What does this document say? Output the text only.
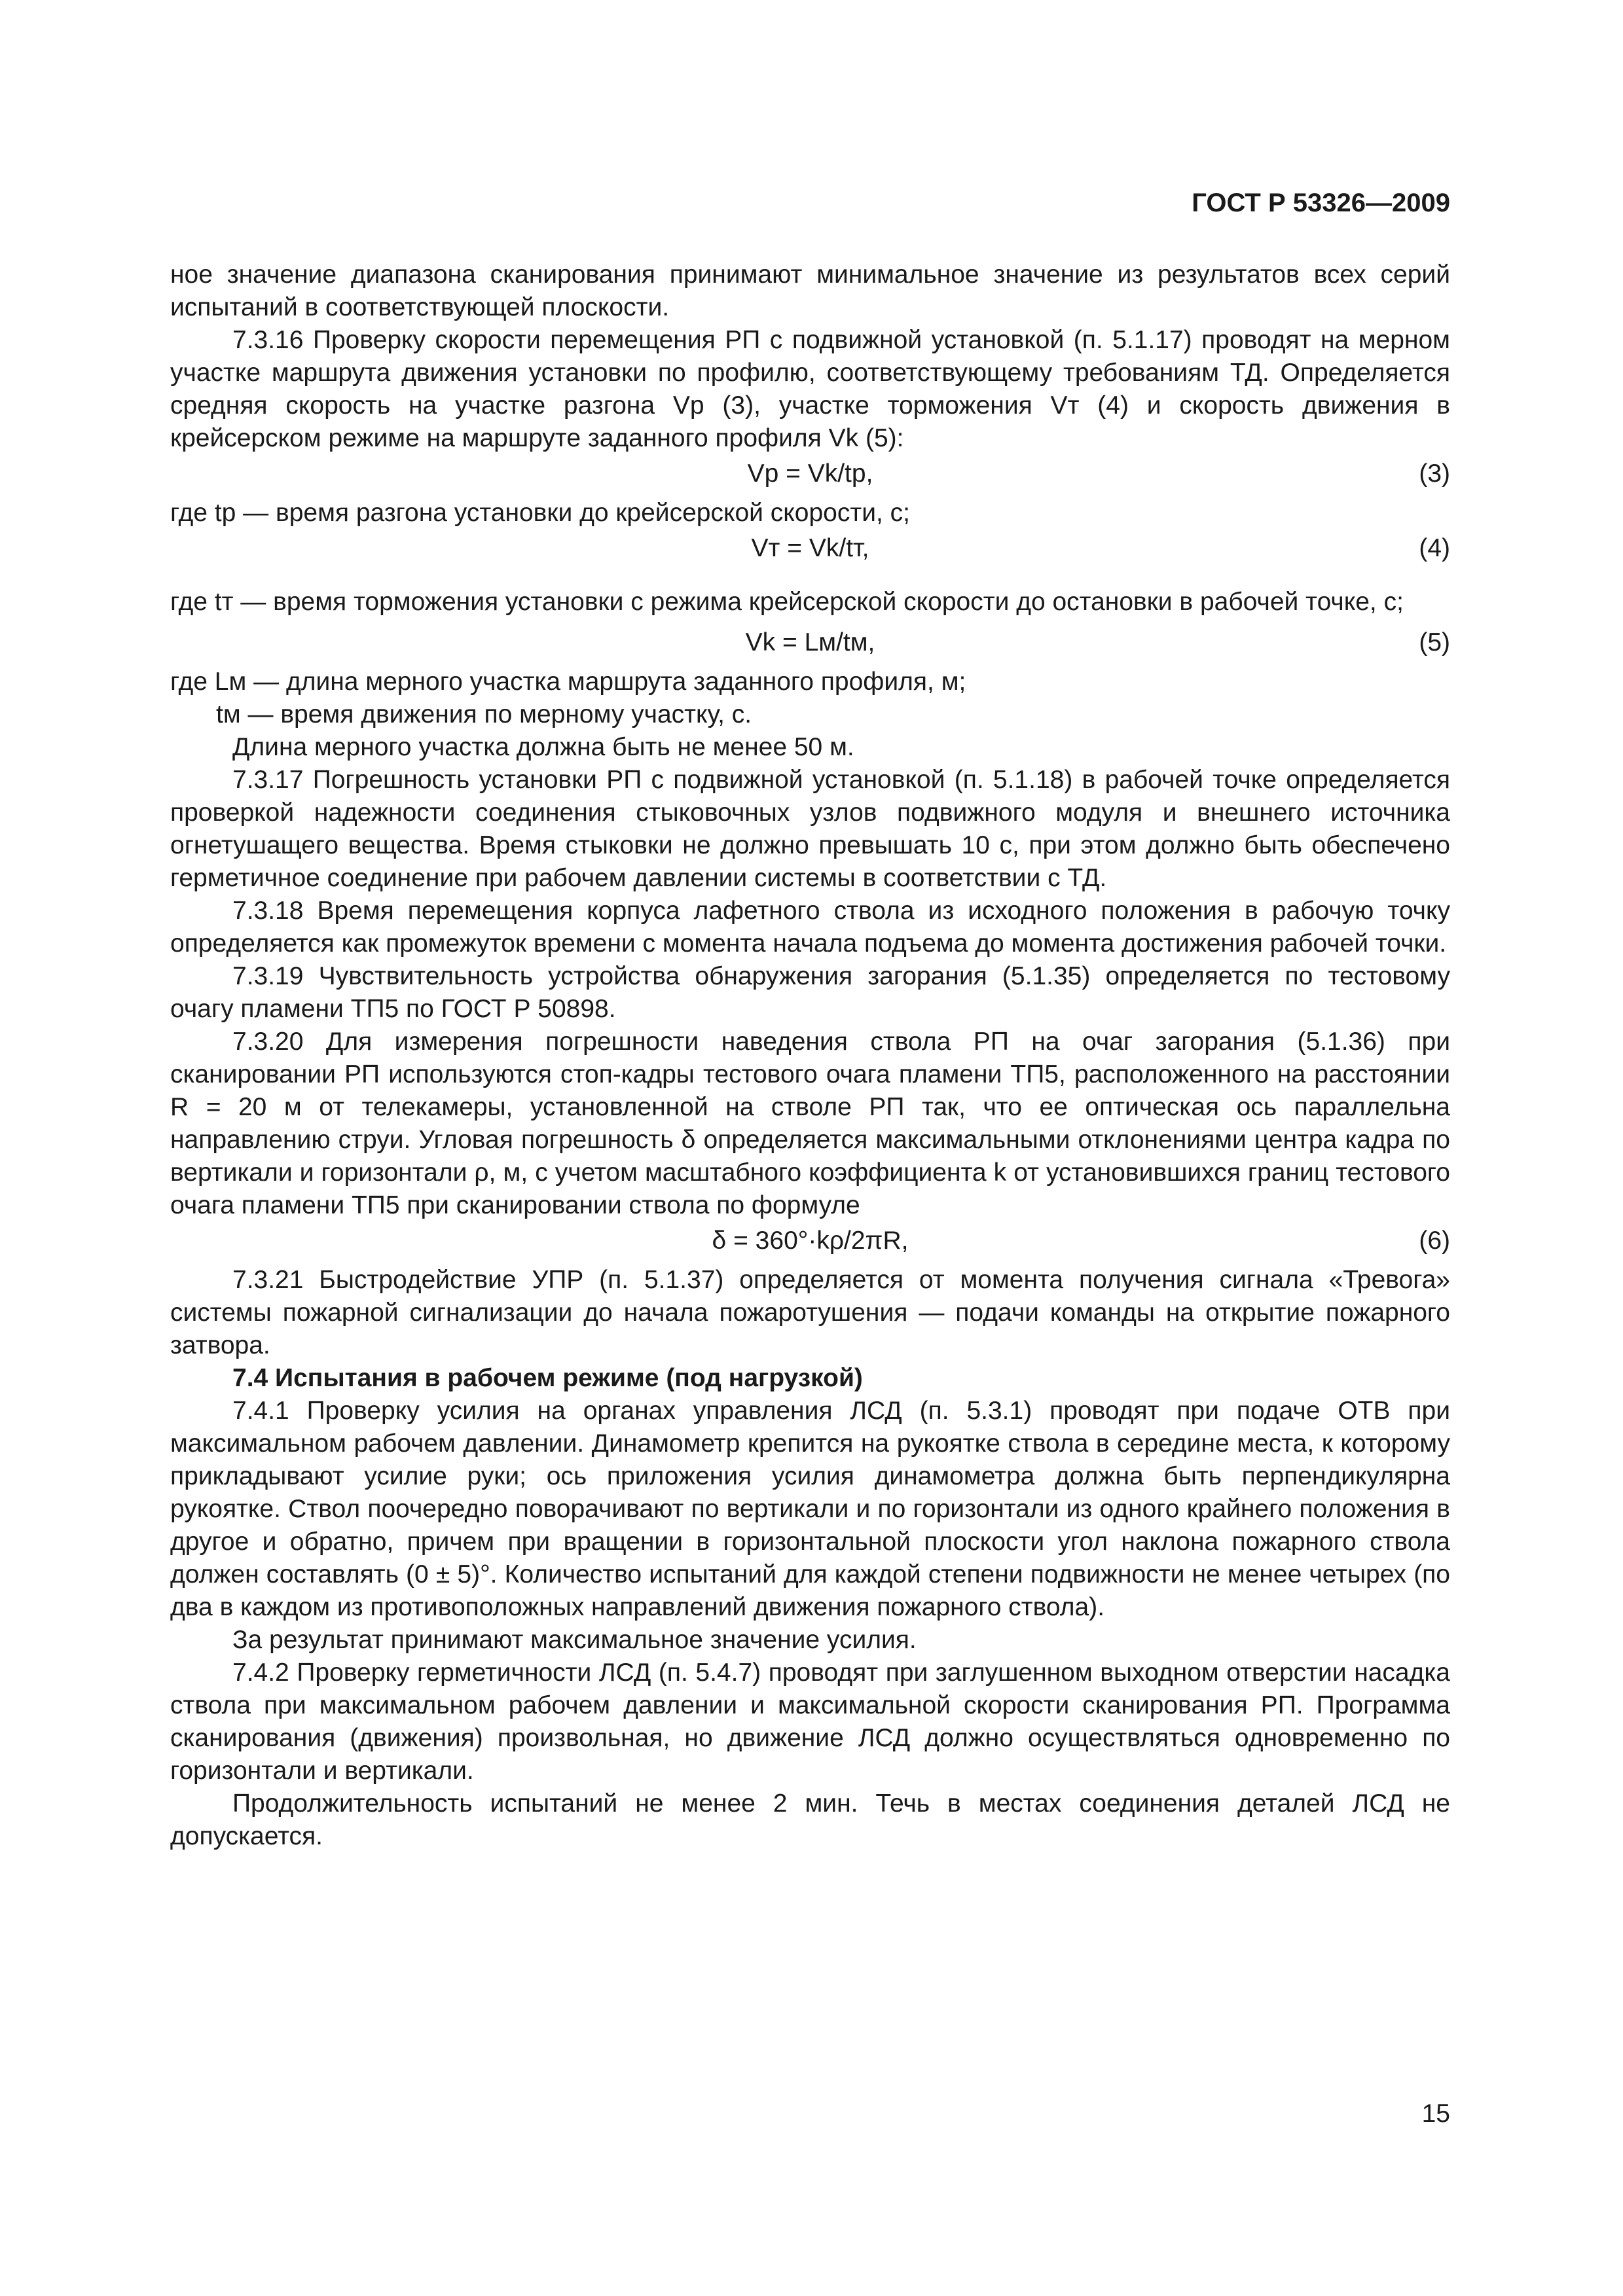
ГОСТ Р 53326—2009

ное значение диапазона сканирования принимают минимальное значение из результатов всех серий испытаний в соответствующей плоскости.

7.3.16 Проверку скорости перемещения РП с подвижной установкой (п. 5.1.17) проводят на мерном участке маршрута движения установки по профилю, соответствующему требованиям ТД. Определяется средняя скорость на участке разгона Vр (3), участке торможения Vт (4) и скорость движения в крейсерском режиме на маршруте заданного профиля Vk (5):

Vр = Vk/tр,	(3)
где tр —
время разгона установки до крейсерской скорости, с;
Vт = Vk/tт,	(4)
где tт —
время торможения установки с режима крейсерской скорости до остановки в рабочей точке, с;
Vk = Lм/tм,	(5)
где Lм —
длина мерного участка маршрута заданного профиля, м;
tм —
время движения по мерному участку, с.

Длина мерного участка должна быть не менее 50 м.

7.3.17 Погрешность установки РП с подвижной установкой (п. 5.1.18) в рабочей точке определяется проверкой надежности соединения стыковочных узлов подвижного модуля и внешнего источника огнетушащего вещества. Время стыковки не должно превышать 10 с, при этом должно быть обеспечено герметичное соединение при рабочем давлении системы в соответствии с ТД.

7.3.18 Время перемещения корпуса лафетного ствола из исходного положения в рабочую точку определяется как промежуток времени с момента начала подъема до момента достижения рабочей точки.

7.3.19 Чувствительность устройства обнаружения загорания (5.1.35) определяется по тестовому очагу пламени ТП5 по ГОСТ Р 50898.

7.3.20 Для измерения погрешности наведения ствола РП на очаг загорания (5.1.36) при сканировании РП используются стоп-кадры тестового очага пламени ТП5, расположенного на расстоянии R = 20 м от телекамеры, установленной на стволе РП так, что ее оптическая ось параллельна направлению струи. Угловая погрешность δ определяется максимальными отклонениями центра кадра по вертикали и горизонтали ρ, м, с учетом масштабного коэффициента k от установившихся границ тестового очага пламени ТП5 при сканировании ствола по формуле

δ = 360°·kρ/2πR,	(6)

7.3.21 Быстродействие УПР (п. 5.1.37) определяется от момента получения сигнала «Тревога» системы пожарной сигнализации до начала пожаротушения — подачи команды на открытие пожарного затвора.

7.4 Испытания в рабочем режиме (под нагрузкой)

7.4.1 Проверку усилия на органах управления ЛСД (п. 5.3.1) проводят при подаче ОТВ при максимальном рабочем давлении. Динамометр крепится на рукоятке ствола в середине места, к которому прикладывают усилие руки; ось приложения усилия динамометра должна быть перпендикулярна рукоятке. Ствол поочередно поворачивают по вертикали и по горизонтали из одного крайнего положения в другое и обратно, причем при вращении в горизонтальной плоскости угол наклона пожарного ствола должен составлять (0 ± 5)°. Количество испытаний для каждой степени подвижности не менее четырех (по два в каждом из противоположных направлений движения пожарного ствола).

За результат принимают максимальное значение усилия.

7.4.2 Проверку герметичности ЛСД (п. 5.4.7) проводят при заглушенном выходном отверстии насадка ствола при максимальном рабочем давлении и максимальной скорости сканирования РП. Программа сканирования (движения) произвольная, но движение ЛСД должно осуществляться одновременно по горизонтали и вертикали.

Продолжительность испытаний не менее 2 мин. Течь в местах соединения деталей ЛСД не допускается.

15
